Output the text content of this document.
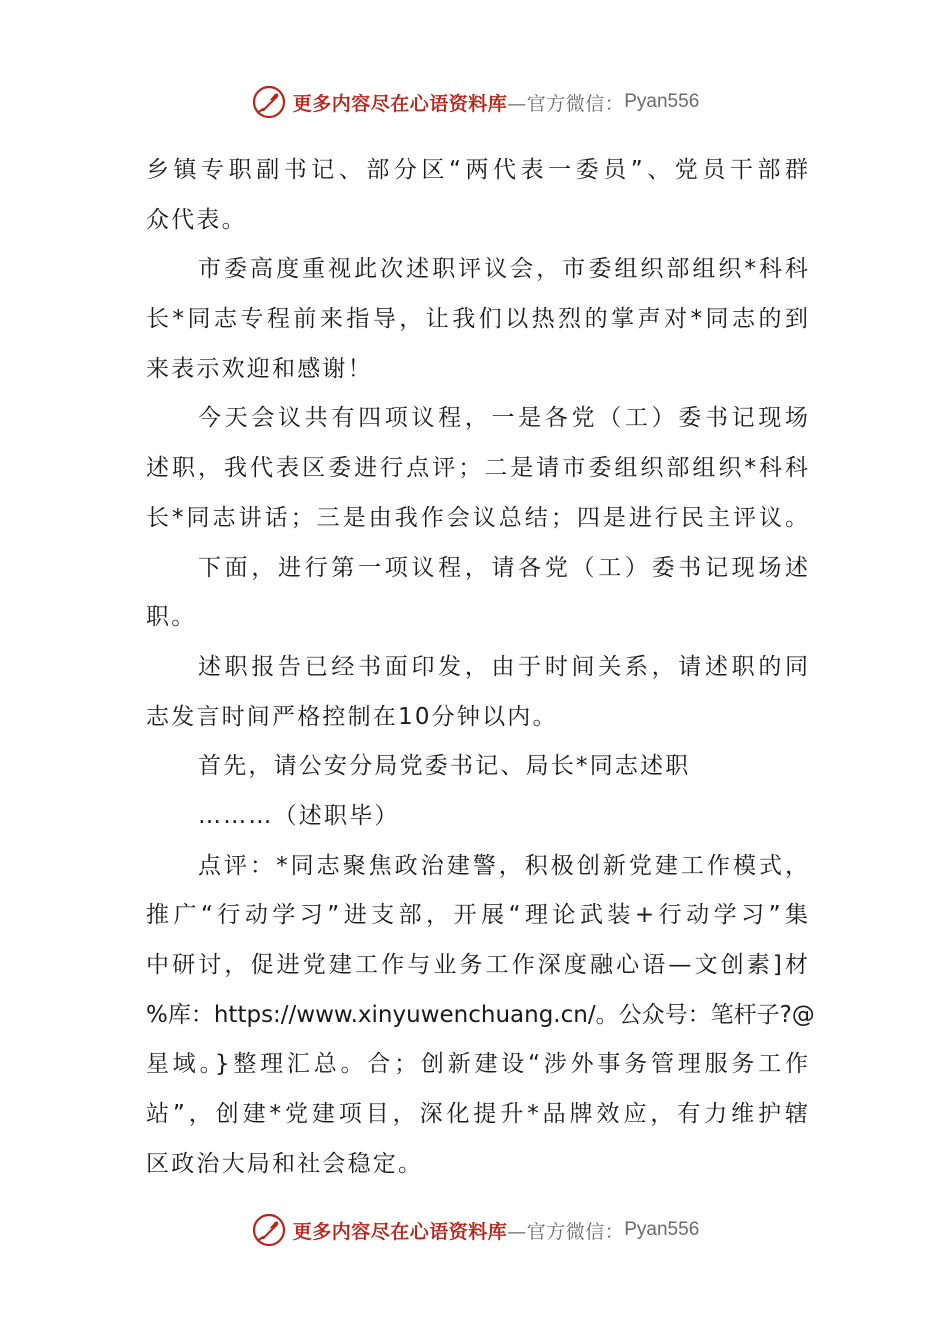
更多内容尽在心语资料库 —官方微信： Pyan556
乡镇专职副书记、部分区“两代表一委员”、党员干部群
众代表。
市委高度重视此次述职评议会，市委组织部组织*科科
长*同志专程前来指导，让我们以热烈的掌声对*同志的到
来表示欢迎和感谢！
今天会议共有四项议程，一是各党（工）委书记现场
述职，我代表区委进行点评；二是请市委组织部组织*科科
长*同志讲话；三是由我作会议总结；四是进行民主评议。
下面，进行第一项议程，请各党（工）委书记现场述
职。
述职报告已经书面印发，由于时间关系，请述职的同
志发言时间严格控制在10分钟以内。
首先，请公安分局党委书记、局长*同志述职
………（述职毕）
点评：*同志聚焦政治建警，积极创新党建工作模式，
推广“行动学习”进支部，开展“理论武装+行动学习”集
中研讨，促进党建工作与业务工作深度融心语—文创素]材
%库：https://www.xinyuwenchuang.cn/。公众号：笔杆子?@
星域。}整理汇总。合；创新建设“涉外事务管理服务工作
站”，创建*党建项目，深化提升*品牌效应，有力维护辖
区政治大局和社会稳定。
更多内容尽在心语资料库 —官方微信： Pyan556
